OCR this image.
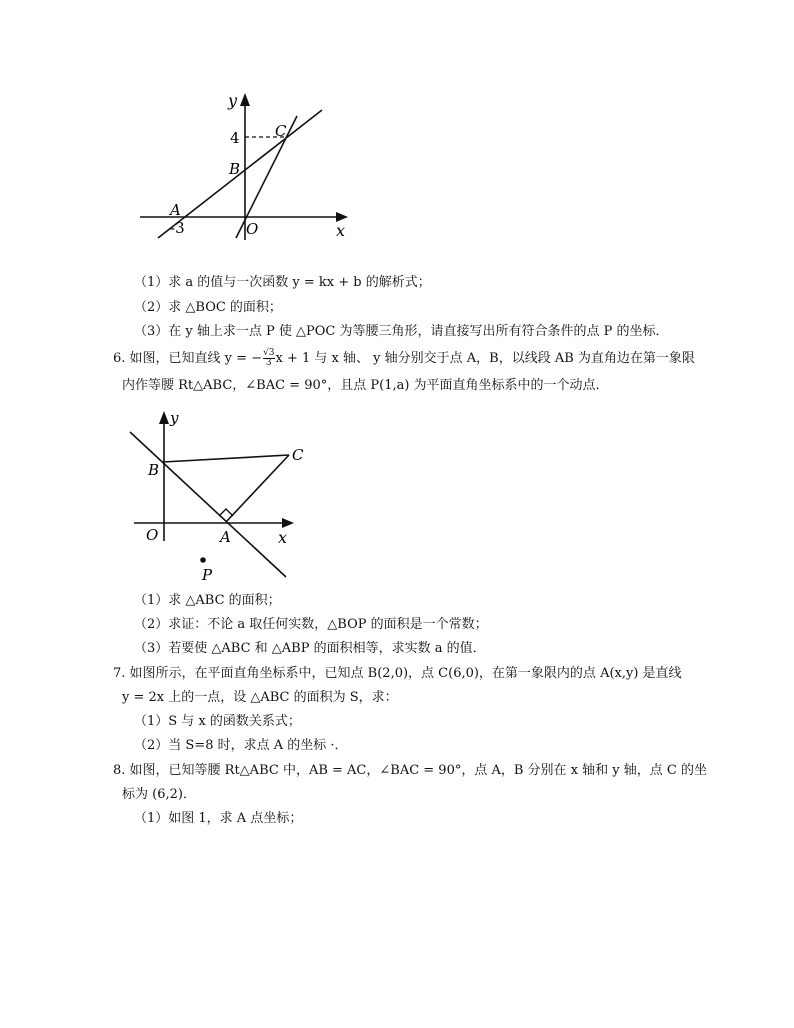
y
4 C
B
A
-3	O	x
（1）求 a 的值与一次函数 y = kx + b 的解析式；
（2）求 △BOC 的面积；
（3）在 y 轴上求一点 P 使 △POC 为等腰三角形，请直接写出所有符合条件的点 P 的坐标．
6. 如图，已知直线 y = − $\frac{√3}{3}$ x + 1 与 x 轴、 y 轴分别交于点 A，B，以线段 AB 为直角边在第一象限
内作等腰 Rt△ABC，∠BAC = 90°，且点 P(1,a) 为平面直角坐标系中的一个动点．
y
B
C
O	A	x
P
（1）求 △ABC 的面积；
（2）求证：不论 a 取任何实数，△BOP 的面积是一个常数；
（3）若要使 △ABC 和 △ABP 的面积相等，求实数 a 的值．
7. 如图所示，在平面直角坐标系中，已知点 B(2,0)，点 C(6,0)，在第一象限内的点 A(x,y) 是直线
y = 2x 上的一点，设 △ABC 的面积为 S，求：
（1）S 与 x 的函数关系式；
（2）当 S=8 时，求点 A 的坐标 ·．
8. 如图，已知等腰 Rt△ABC 中，AB = AC，∠BAC = 90°，点 A，B 分别在 x 轴和 y 轴，点 C 的坐
标为 (6,2)．
（1）如图 1，求 A 点坐标；
